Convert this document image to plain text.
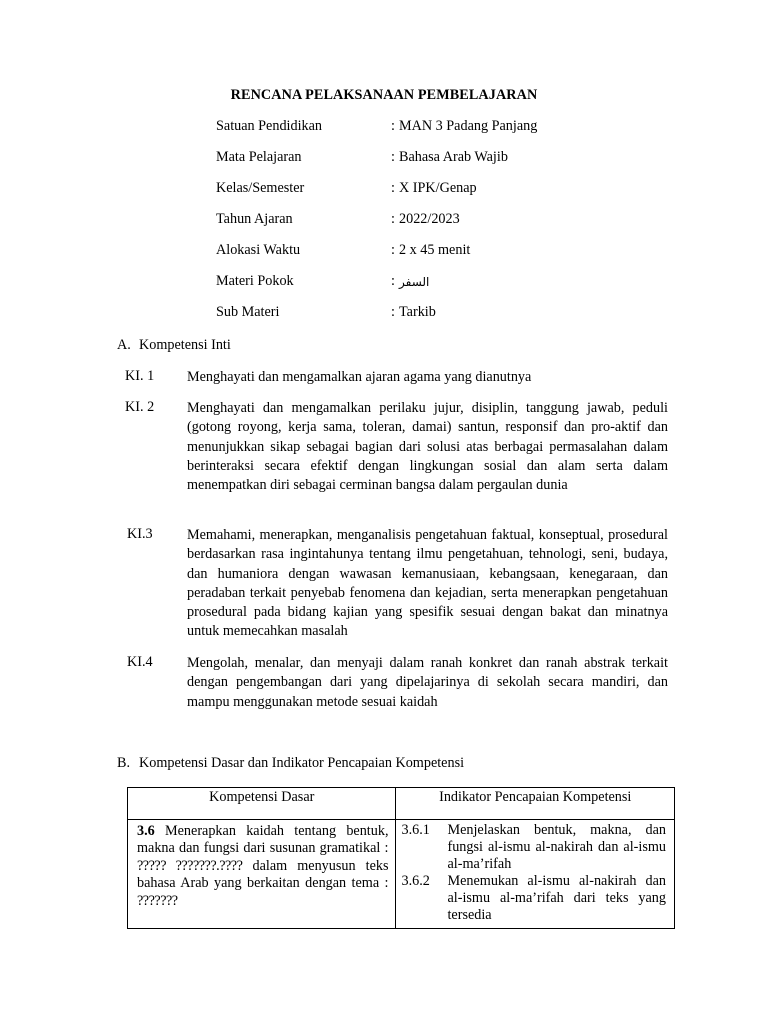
RENCANA PELAKSANAAN PEMBELAJARAN
Satuan Pendidikan	: MAN 3 Padang Panjang
Mata Pelajaran	: Bahasa Arab Wajib
Kelas/Semester	: X IPK/Genap
Tahun Ajaran	: 2022/2023
Alokasi Waktu	: 2 x 45 menit
Materi Pokok	: السفر
Sub Materi	: Tarkib
A. Kompetensi Inti
KI. 1 Menghayati dan mengamalkan ajaran agama yang dianutnya
KI. 2 Menghayati dan mengamalkan perilaku jujur, disiplin, tanggung jawab, peduli (gotong royong, kerja sama, toleran, damai) santun, responsif dan pro-aktif dan menunjukkan sikap sebagai bagian dari solusi atas berbagai permasalahan dalam berinteraksi secara efektif dengan lingkungan sosial dan alam serta dalam menempatkan diri sebagai cerminan bangsa dalam pergaulan dunia
KI.3 Memahami, menerapkan, menganalisis pengetahuan faktual, konseptual, prosedural berdasarkan rasa ingintahunya tentang ilmu pengetahuan, tehnologi, seni, budaya, dan humaniora dengan wawasan kemanusiaan, kebangsaan, kenegaraan, dan peradaban terkait penyebab fenomena dan kejadian, serta menerapkan pengetahuan prosedural pada bidang kajian yang spesifik sesuai dengan bakat dan minatnya untuk memecahkan masalah
KI.4 Mengolah, menalar, dan menyaji dalam ranah konkret dan ranah abstrak terkait dengan pengembangan dari yang dipelajarinya di sekolah secara mandiri, dan mampu menggunakan metode sesuai kaidah
B. Kompetensi Dasar dan Indikator Pencapaian Kompetensi
Kompetensi Dasar	Indikator Pencapaian Kompetensi

3.6 Menerapkan kaidah tentang bentuk, makna dan fungsi dari susunan gramatikal : ????? ???????.???? dalam menyusun teks bahasa Arab yang berkaitan dengan tema : ???????	3.6.1 Menjelaskan bentuk, makna, dan fungsi al-ismu al-nakirah dan al-ismu al-ma’rifah
3.6.2 Menemukan al-ismu al-nakirah dan al-ismu al-ma’rifah dari teks yang tersedia
